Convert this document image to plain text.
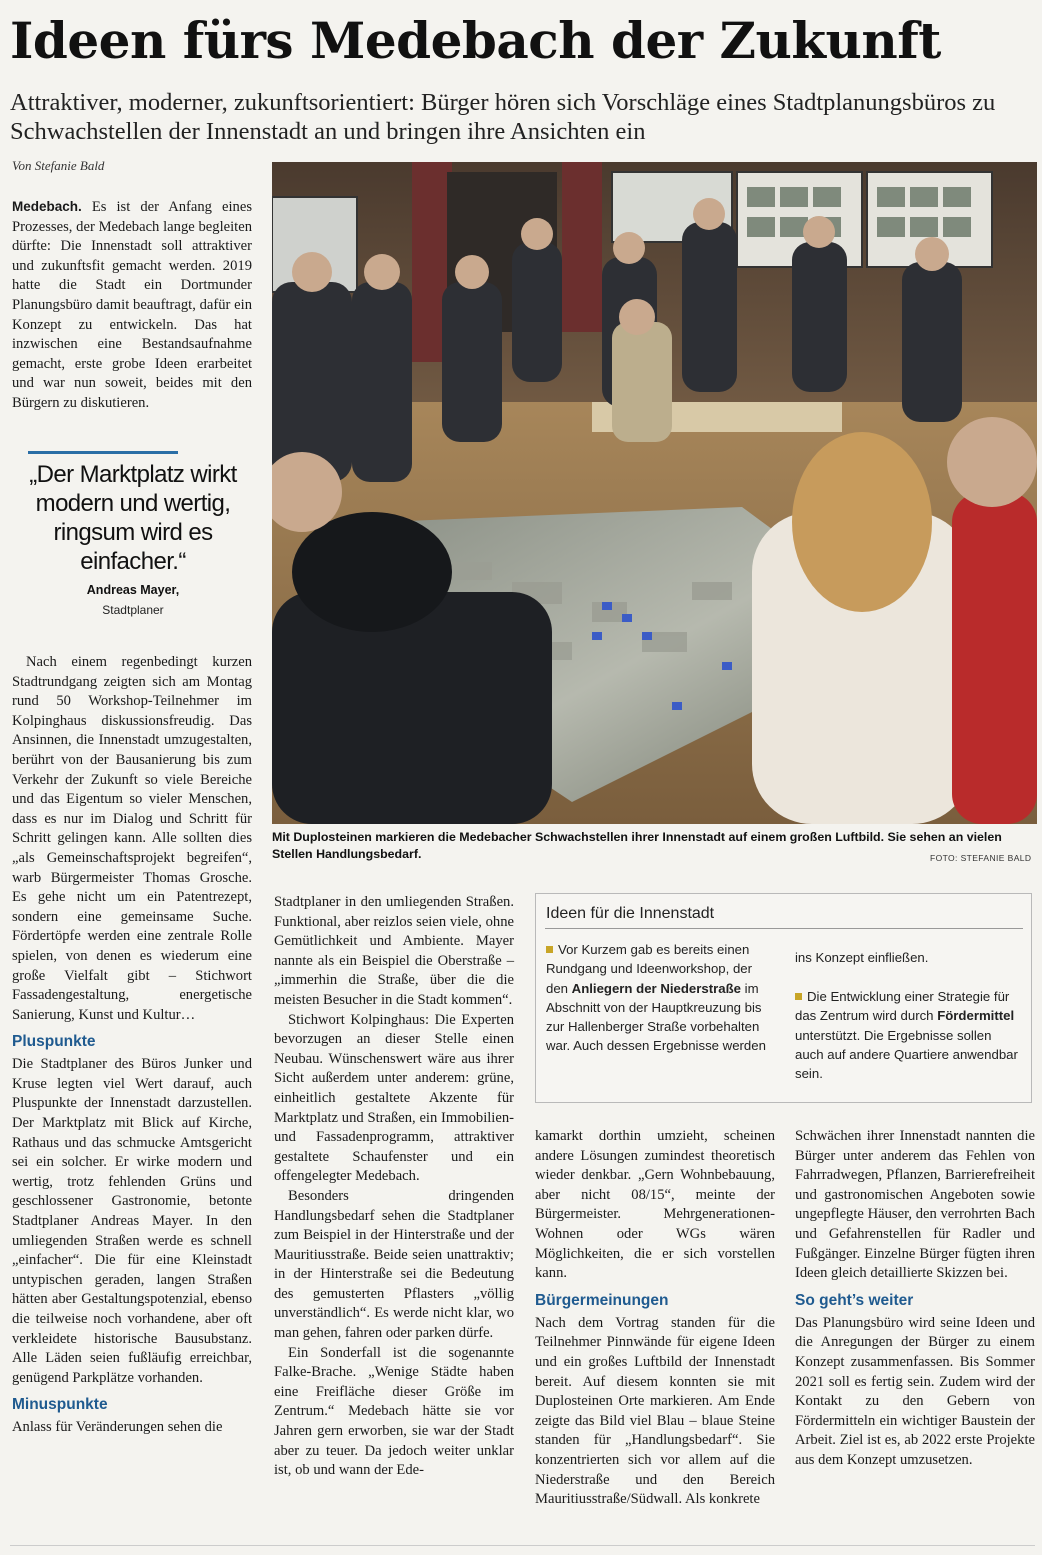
Ideen fürs Medebach der Zukunft
Attraktiver, moderner, zukunftsorientiert: Bürger hören sich Vorschläge eines Stadtplanungsbüros zu Schwachstellen der Innenstadt an und bringen ihre Ansichten ein
Von Stefanie Bald

Medebach. Es ist der Anfang eines Prozesses, der Medebach lange begleiten dürfte: Die Innenstadt soll attraktiver und zukunftsfit gemacht werden. 2019 hatte die Stadt ein Dortmunder Planungsbüro damit beauftragt, dafür ein Konzept zu entwickeln. Das hat inzwischen eine Bestandsaufnahme gemacht, erste grobe Ideen erarbeitet und war nun soweit, beides mit den Bürgern zu diskutieren.

„Der Marktplatz wirkt modern und wertig, ringsum wird es einfacher.“
Andreas Mayer,
Stadtplaner

Nach einem regenbedingt kurzen Stadtrundgang zeigten sich am Montag rund 50 Workshop-Teilnehmer im Kolpinghaus diskussionsfreudig. Das Ansinnen, die Innenstadt umzugestalten, berührt von der Bausanierung bis zum Verkehr der Zukunft so viele Bereiche und das Eigentum so vieler Menschen, dass es nur im Dialog und Schritt für Schritt gelingen kann. Alle sollten dies „als Gemeinschaftsprojekt begreifen“, warb Bürgermeister Thomas Grosche. Es gehe nicht um ein Patentrezept, sondern eine gemeinsame Suche. Fördertöpfe werden eine zentrale Rolle spielen, von denen es wiederum eine große Vielfalt gibt – Stichwort Fassadengestaltung, energetische Sanierung, Kunst und Kultur…

Pluspunkte

Die Stadtplaner des Büros Junker und Kruse legten viel Wert darauf, auch Pluspunkte der Innenstadt darzustellen. Der Marktplatz mit Blick auf Kirche, Rathaus und das schmucke Amtsgericht sei ein solcher. Er wirke modern und wertig, trotz fehlenden Grüns und geschlossener Gastronomie, betonte Stadtplaner Andreas Mayer. In den umliegenden Straßen werde es schnell „einfacher“. Die für eine Kleinstadt untypischen geraden, langen Straßen hätten aber Gestaltungspotenzial, ebenso die teilweise noch vorhandene, aber oft verkleidete historische Bausubstanz. Alle Läden seien fußläufig erreichbar, genügend Parkplätze vorhanden.

Minuspunkte

Anlass für Veränderungen sehen die

Mit Duplosteinen markieren die Medebacher Schwachstellen ihrer Innenstadt auf einem großen Luftbild. Sie sehen an vielen Stellen Handlungsbedarf.	FOTO: STEFANIE BALD

Stadtplaner in den umliegenden Straßen. Funktional, aber reizlos seien viele, ohne Gemütlichkeit und Ambiente. Mayer nannte als ein Beispiel die Oberstraße – „immerhin die Straße, über die die meisten Besucher in die Stadt kommen“.

Stichwort Kolpinghaus: Die Experten bevorzugen an dieser Stelle einen Neubau. Wünschenswert wäre aus ihrer Sicht außerdem unter anderem: grüne, einheitlich gestaltete Akzente für Marktplatz und Straßen, ein Immobilien- und Fassadenprogramm, attraktiver gestaltete Schaufenster und ein offengelegter Medebach.

Besonders dringenden Handlungsbedarf sehen die Stadtplaner zum Beispiel in der Hinterstraße und der Mauritiusstraße. Beide seien unattraktiv; in der Hinterstraße sei die Bedeutung des gemusterten Pflasters „völlig unverständlich“. Es werde nicht klar, wo man gehen, fahren oder parken dürfe.

Ein Sonderfall ist die sogenannte Falke-Brache. „Wenige Städte haben eine Freifläche dieser Größe im Zentrum.“ Medebach hätte sie vor Jahren gern erworben, sie war der Stadt aber zu teuer. Da jedoch weiter unklar ist, ob und wann der Ede-

Ideen für die Innenstadt
Vor Kurzem gab es bereits einen Rundgang und Ideenworkshop, der den Anliegern der Niederstraße im Abschnitt von der Hauptkreuzung bis zur Hallenberger Straße vorbehalten war. Auch dessen Ergebnisse werden
ins Konzept einfließen.
Die Entwicklung einer Strategie für das Zentrum wird durch Fördermittel unterstützt. Die Ergebnisse sollen auch auf andere Quartiere anwendbar sein.

kamarkt dorthin umzieht, scheinen andere Lösungen zumindest theoretisch wieder denkbar. „Gern Wohnbebauung, aber nicht 08/15“, meinte der Bürgermeister. Mehrgenerationen-Wohnen oder WGs wären Möglichkeiten, die er sich vorstellen kann.

Bürgermeinungen

Nach dem Vortrag standen für die Teilnehmer Pinnwände für eigene Ideen und ein großes Luftbild der Innenstadt bereit. Auf diesem konnten sie mit Duplosteinen Orte markieren. Am Ende zeigte das Bild viel Blau – blaue Steine standen für „Handlungsbedarf“. Sie konzentrierten sich vor allem auf die Niederstraße und den Bereich Mauritiusstraße/Südwall. Als konkrete

Schwächen ihrer Innenstadt nannten die Bürger unter anderem das Fehlen von Fahrradwegen, Pflanzen, Barrierefreiheit und gastronomischen Angeboten sowie ungepflegte Häuser, den verrohrten Bach und Gefahrenstellen für Radler und Fußgänger. Einzelne Bürger fügten ihren Ideen gleich detaillierte Skizzen bei.

So geht’s weiter

Das Planungsbüro wird seine Ideen und die Anregungen der Bürger zu einem Konzept zusammenfassen. Bis Sommer 2021 soll es fertig sein. Zudem wird der Kontakt zu den Gebern von Fördermitteln ein wichtiger Baustein der Arbeit. Ziel ist es, ab 2022 erste Projekte aus dem Konzept umzusetzen.
